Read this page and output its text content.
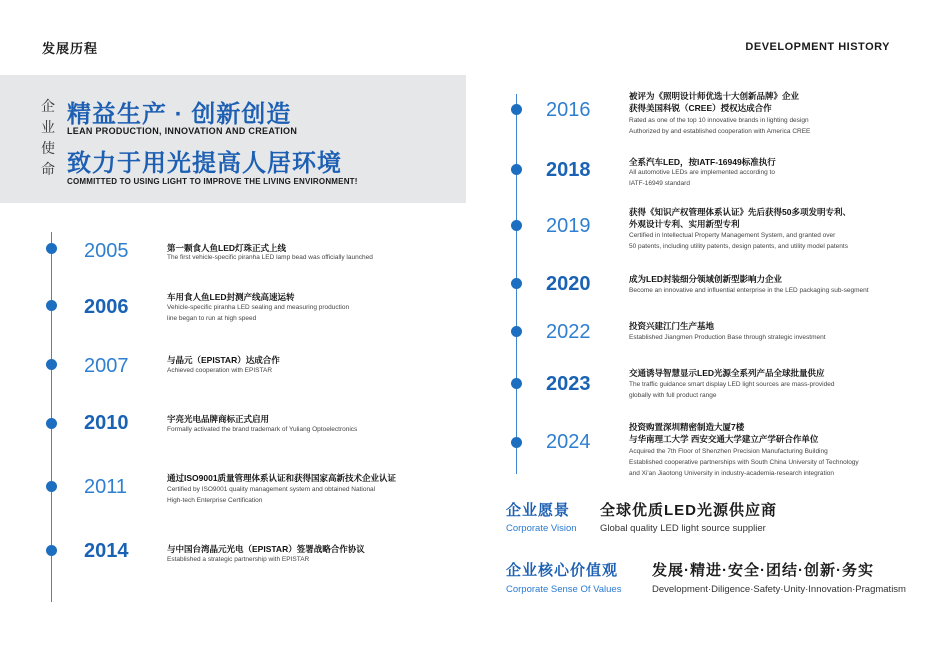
发展历程	DEVELOPMENT HISTORY
企
业
使
命
精益生产 · 创新创造
LEAN PRODUCTION, INNOVATION AND CREATION
致力于用光提高人居环境
COMMITTED TO USING LIGHT TO IMPROVE THE LIVING ENVIRONMENT!
2005	第一颗食人鱼LED灯珠正式上线
The first vehicle-specific piranha LED lamp bead was officially launched
2006	车用食人鱼LED封测产线高速运转
Vehicle-specific piranha LED sealing and measuring production
line began to run at high speed
2007	与晶元（EPISTAR）达成合作
Achieved cooperation with EPISTAR
2010	宇亮光电品牌商标正式启用
Formally activated the brand trademark of Yuliang Optoelectronics
2011	通过ISO9001质量管理体系认证和获得国家高新技术企业认证
Certified by ISO9001 quality management system and obtained National
High-tech Enterprise Certification
2014	与中国台湾晶元光电（EPISTAR）签署战略合作协议
Established a strategic partnership with EPISTAR
2016
被评为《照明设计师优选十大创新品牌》企业
获得美国科锐（CREE）授权达成合作
Rated as one of the top 10 innovative brands in lighting design
Authorized by and established cooperation with America CREE
2018	全系汽车LED，按IATF-16949标准执行
All automotive LEDs are implemented according to
IATF-16949 standard
2019
获得《知识产权管理体系认证》先后获得50多项发明专利、
外观设计专利、实用新型专利
Certified in Intellectual Property Management System, and granted over
50 patents, including utility patents, design patents, and utility model patents
2020	成为LED封装细分领域创新型影响力企业
Become an innovative and influential enterprise in the LED packaging sub-segment
2022	投资兴建江门生产基地
Established Jiangmen Production Base through strategic investment
2023	交通诱导智慧显示LED光源全系列产品全球批量供应
The traffic guidance smart display LED light sources are mass-provided
globally with full product range
2024
投资购置深圳精密制造大厦7楼
与华南理工大学 西安交通大学建立产学研合作单位
Acquired the 7th Floor of Shenzhen Precision Manufacturing Building
Established cooperative partnerships with South China University of Technology
and Xi'an Jiaotong University in industry-academia-research integration
企业愿景
Corporate Vision
全球优质LED光源供应商
Global quality LED light source supplier
企业核心价值观
Corporate Sense Of Values
发展·精进·安全·团结·创新·务实
Development·Diligence·Safety·Unity·Innovation·Pragmatism
